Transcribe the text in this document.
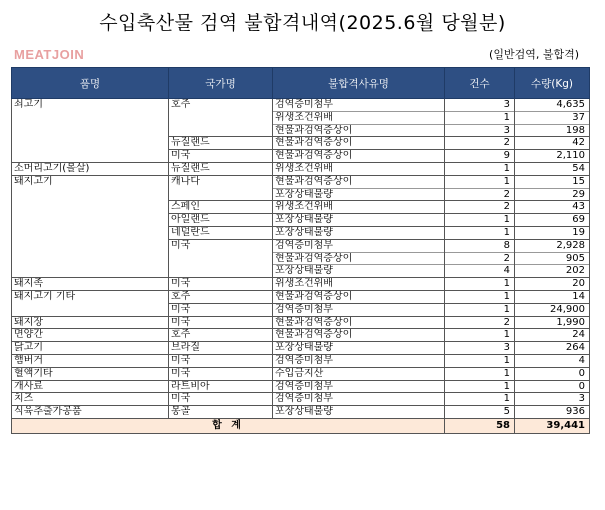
수입축산물 검역 불합격내역(2025.6월 당월분)
MEATJOIN	(일반검역, 불합격)
품명	국가명	불합격사유명	건수	수량(Kg)
쇠고기	호주	검역증미첨부	3	4,635
		위생조건위배	1	37
		현물과검역증상이	3	198
	뉴질랜드	현물과검역증상이	2	42
	미국	현물과검역증상이	9	2,110
소머리고기(볼살)	뉴질랜드	위생조건위배	1	54
돼지고기	캐나다	현물과검역증상이	1	15
		포장상태불량	2	29
	스페인	위생조건위배	2	43
	아일랜드	포장상태불량	1	69
	네덜란드	포장상태불량	1	19
	미국	검역증미첨부	8	2,928
		현물과검역증상이	2	905
		포장상태불량	4	202
돼지족	미국	위생조건위배	1	20
돼지고기 기타	호주	현물과검역증상이	1	14
	미국	검역증미첨부	1	24,900
돼지장	미국	현물과검역증상이	2	1,990
면양간	호주	현물과검역증상이	1	24
닭고기	브라질	포장상태불량	3	264
햄버거	미국	검역증미첨부	1	4
혈액기타	미국	수입금지산	1	0
개사료	라트비아	검역증미첨부	1	0
치즈	미국	검역증미첨부	1	3
식육추출가공품	몽골	포장상태불량	5	936
합 계			58	39,441
